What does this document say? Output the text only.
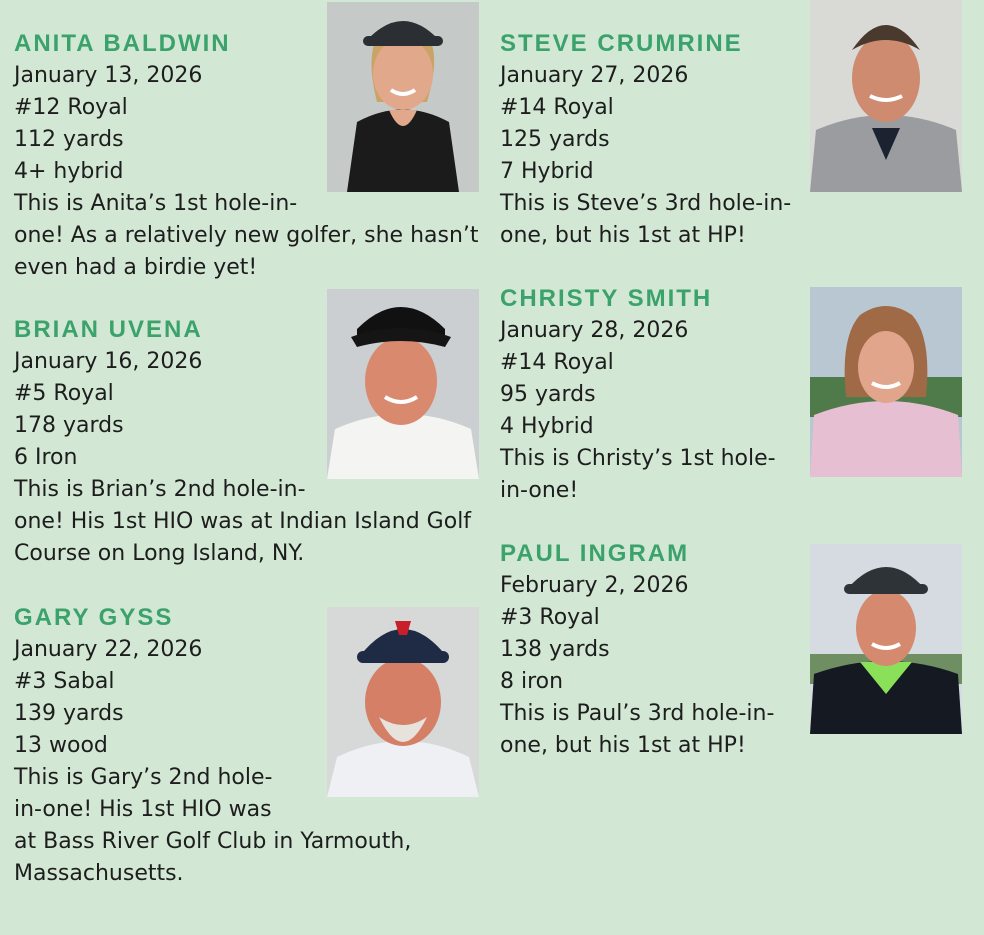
ANITA BALDWIN

January 13, 2026

#12 Royal

112 yards

4+ hybrid

This is Anita’s 1st hole-in-

one! As a relatively new golfer, she hasn’t

even had a birdie yet!

BRIAN UVENA

January 16, 2026

#5 Royal

178 yards

6 Iron

This is Brian’s 2nd hole-in-

one! His 1st HIO was at Indian Island Golf

Course on Long Island, NY.

GARY GYSS

January 22, 2026

#3 Sabal

139 yards

13 wood

This is Gary’s 2nd hole-

in-one! His 1st HIO was

at Bass River Golf Club in Yarmouth,

Massachusetts.

STEVE CRUMRINE

January 27, 2026

#14 Royal

125 yards

7 Hybrid

This is Steve’s 3rd hole-in-

one, but his 1st at HP!

CHRISTY SMITH

January 28, 2026

#14 Royal

95 yards

4 Hybrid

This is Christy’s 1st hole-

in-one!

PAUL INGRAM

February 2, 2026

#3 Royal

138 yards

8 iron

This is Paul’s 3rd hole-in-

one, but his 1st at HP!
